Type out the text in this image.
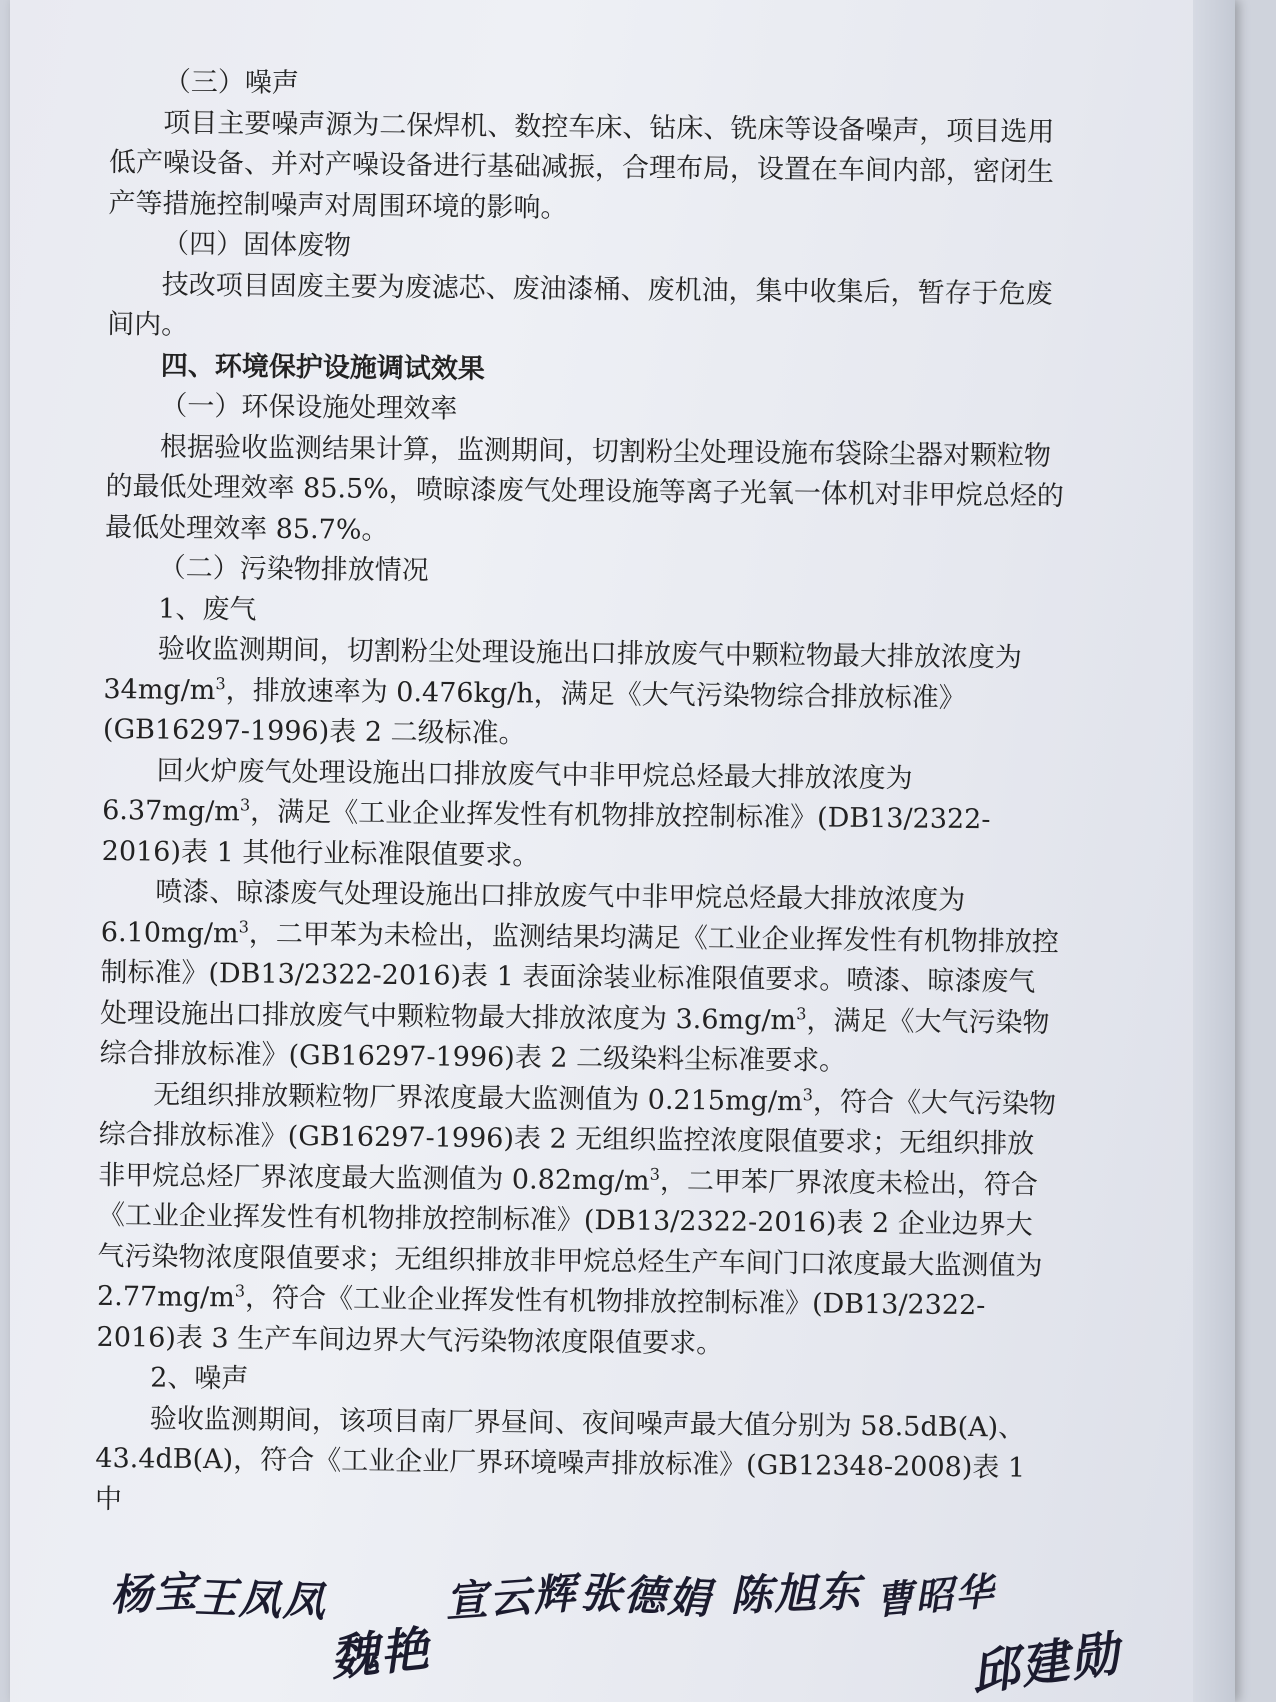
（三）噪声

项目主要噪声源为二保焊机、数控车床、钻床、铣床等设备噪声，项目选用低产噪设备、并对产噪设备进行基础减振，合理布局，设置在车间内部，密闭生产等措施控制噪声对周围环境的影响。

（四）固体废物

技改项目固废主要为废滤芯、废油漆桶、废机油，集中收集后，暂存于危废间内。

四、环境保护设施调试效果

（一）环保设施处理效率

根据验收监测结果计算，监测期间，切割粉尘处理设施布袋除尘器对颗粒物的最低处理效率 85.5%，喷晾漆废气处理设施等离子光氧一体机对非甲烷总烃的最低处理效率 85.7%。

（二）污染物排放情况

1、废气

验收监测期间，切割粉尘处理设施出口排放废气中颗粒物最大排放浓度为 $34mg/m^3$，排放速率为 0.476kg/h，满足《大气污染物综合排放标准》(GB16297-1996)表 2 二级标准。

回火炉废气处理设施出口排放废气中非甲烷总烃最大排放浓度为 $6.37mg/m^3$，满足《工业企业挥发性有机物排放控制标准》(DB13/2322-2016)表 1 其他行业标准限值要求。

喷漆、晾漆废气处理设施出口排放废气中非甲烷总烃最大排放浓度为 $6.10mg/m^3$，二甲苯为未检出，监测结果均满足《工业企业挥发性有机物排放控制标准》(DB13/2322-2016)表 1 表面涂装业标准限值要求。喷漆、晾漆废气处理设施出口排放废气中颗粒物最大排放浓度为 $3.6mg/m^3$，满足《大气污染物综合排放标准》(GB16297-1996)表 2 二级染料尘标准要求。

无组织排放颗粒物厂界浓度最大监测值为 $0.215mg/m^3$，符合《大气污染物综合排放标准》(GB16297-1996)表 2 无组织监控浓度限值要求；无组织排放非甲烷总烃厂界浓度最大监测值为 $0.82mg/m^3$，二甲苯厂界浓度未检出，符合《工业企业挥发性有机物排放控制标准》(DB13/2322-2016)表 2 企业边界大气污染物浓度限值要求；无组织排放非甲烷总烃生产车间门口浓度最大监测值为 $2.77mg/m^3$，符合《工业企业挥发性有机物排放控制标准》(DB13/2322-2016)表 3 生产车间边界大气污染物浓度限值要求。

2、噪声

验收监测期间，该项目南厂界昼间、夜间噪声最大值分别为 58.5dB(A)、43.4dB(A)，符合《工业企业厂界环境噪声排放标准》(GB12348-2008)表 1 中

杨宝
王凤凤
魏艳
宣云辉 张德娟 陈旭东 曹昭华
邱建勋
